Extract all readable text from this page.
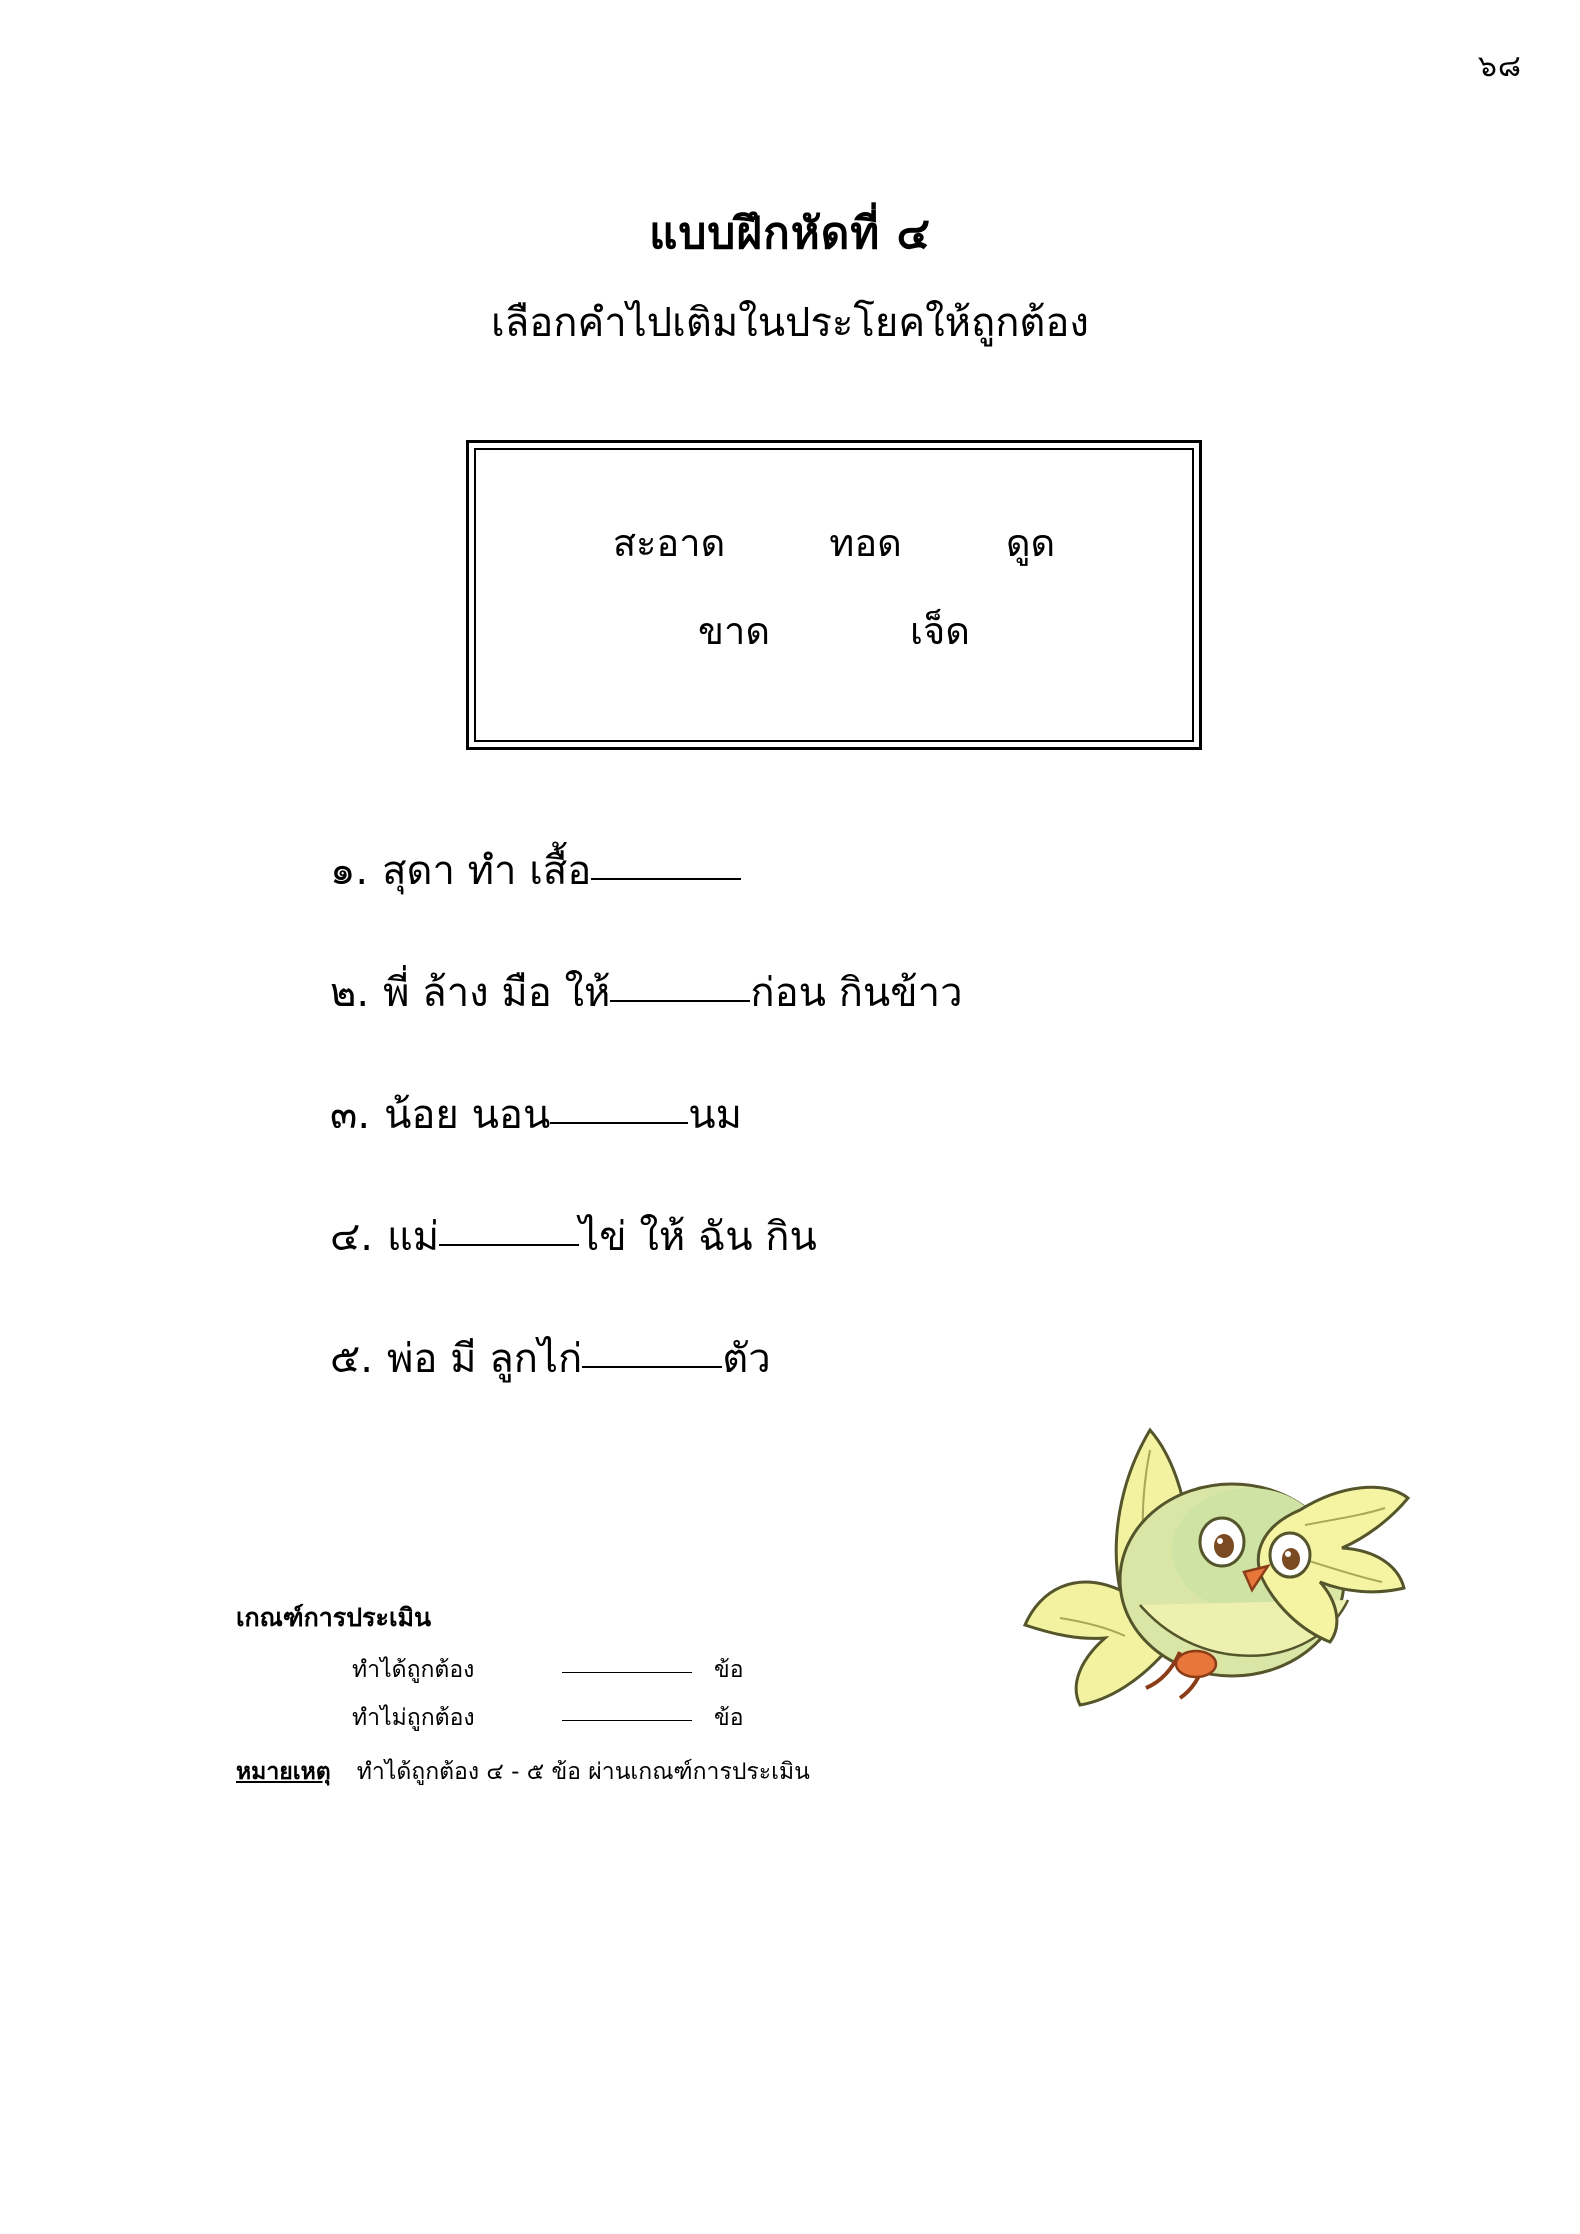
๖๘
แบบฝึกหัดที่ ๔
เลือกคำไปเติมในประโยคให้ถูกต้อง
สะอาด	ทอด	ดูด
ขาด	เจ็ด
๑. สุดา ทำ เสื้อ
๒. พี่ ล้าง มือ ให้	ก่อน กินข้าว
๓. น้อย นอน	นม
๔. แม่	ไข่ ให้ ฉัน กิน
๕. พ่อ มี ลูกไก่	ตัว
เกณฑ์การประเมิน
ทำได้ถูกต้อง	ข้อ
ทำไม่ถูกต้อง	ข้อ
หมายเหตุ ทำได้ถูกต้อง ๔ - ๕ ข้อ ผ่านเกณฑ์การประเมิน
